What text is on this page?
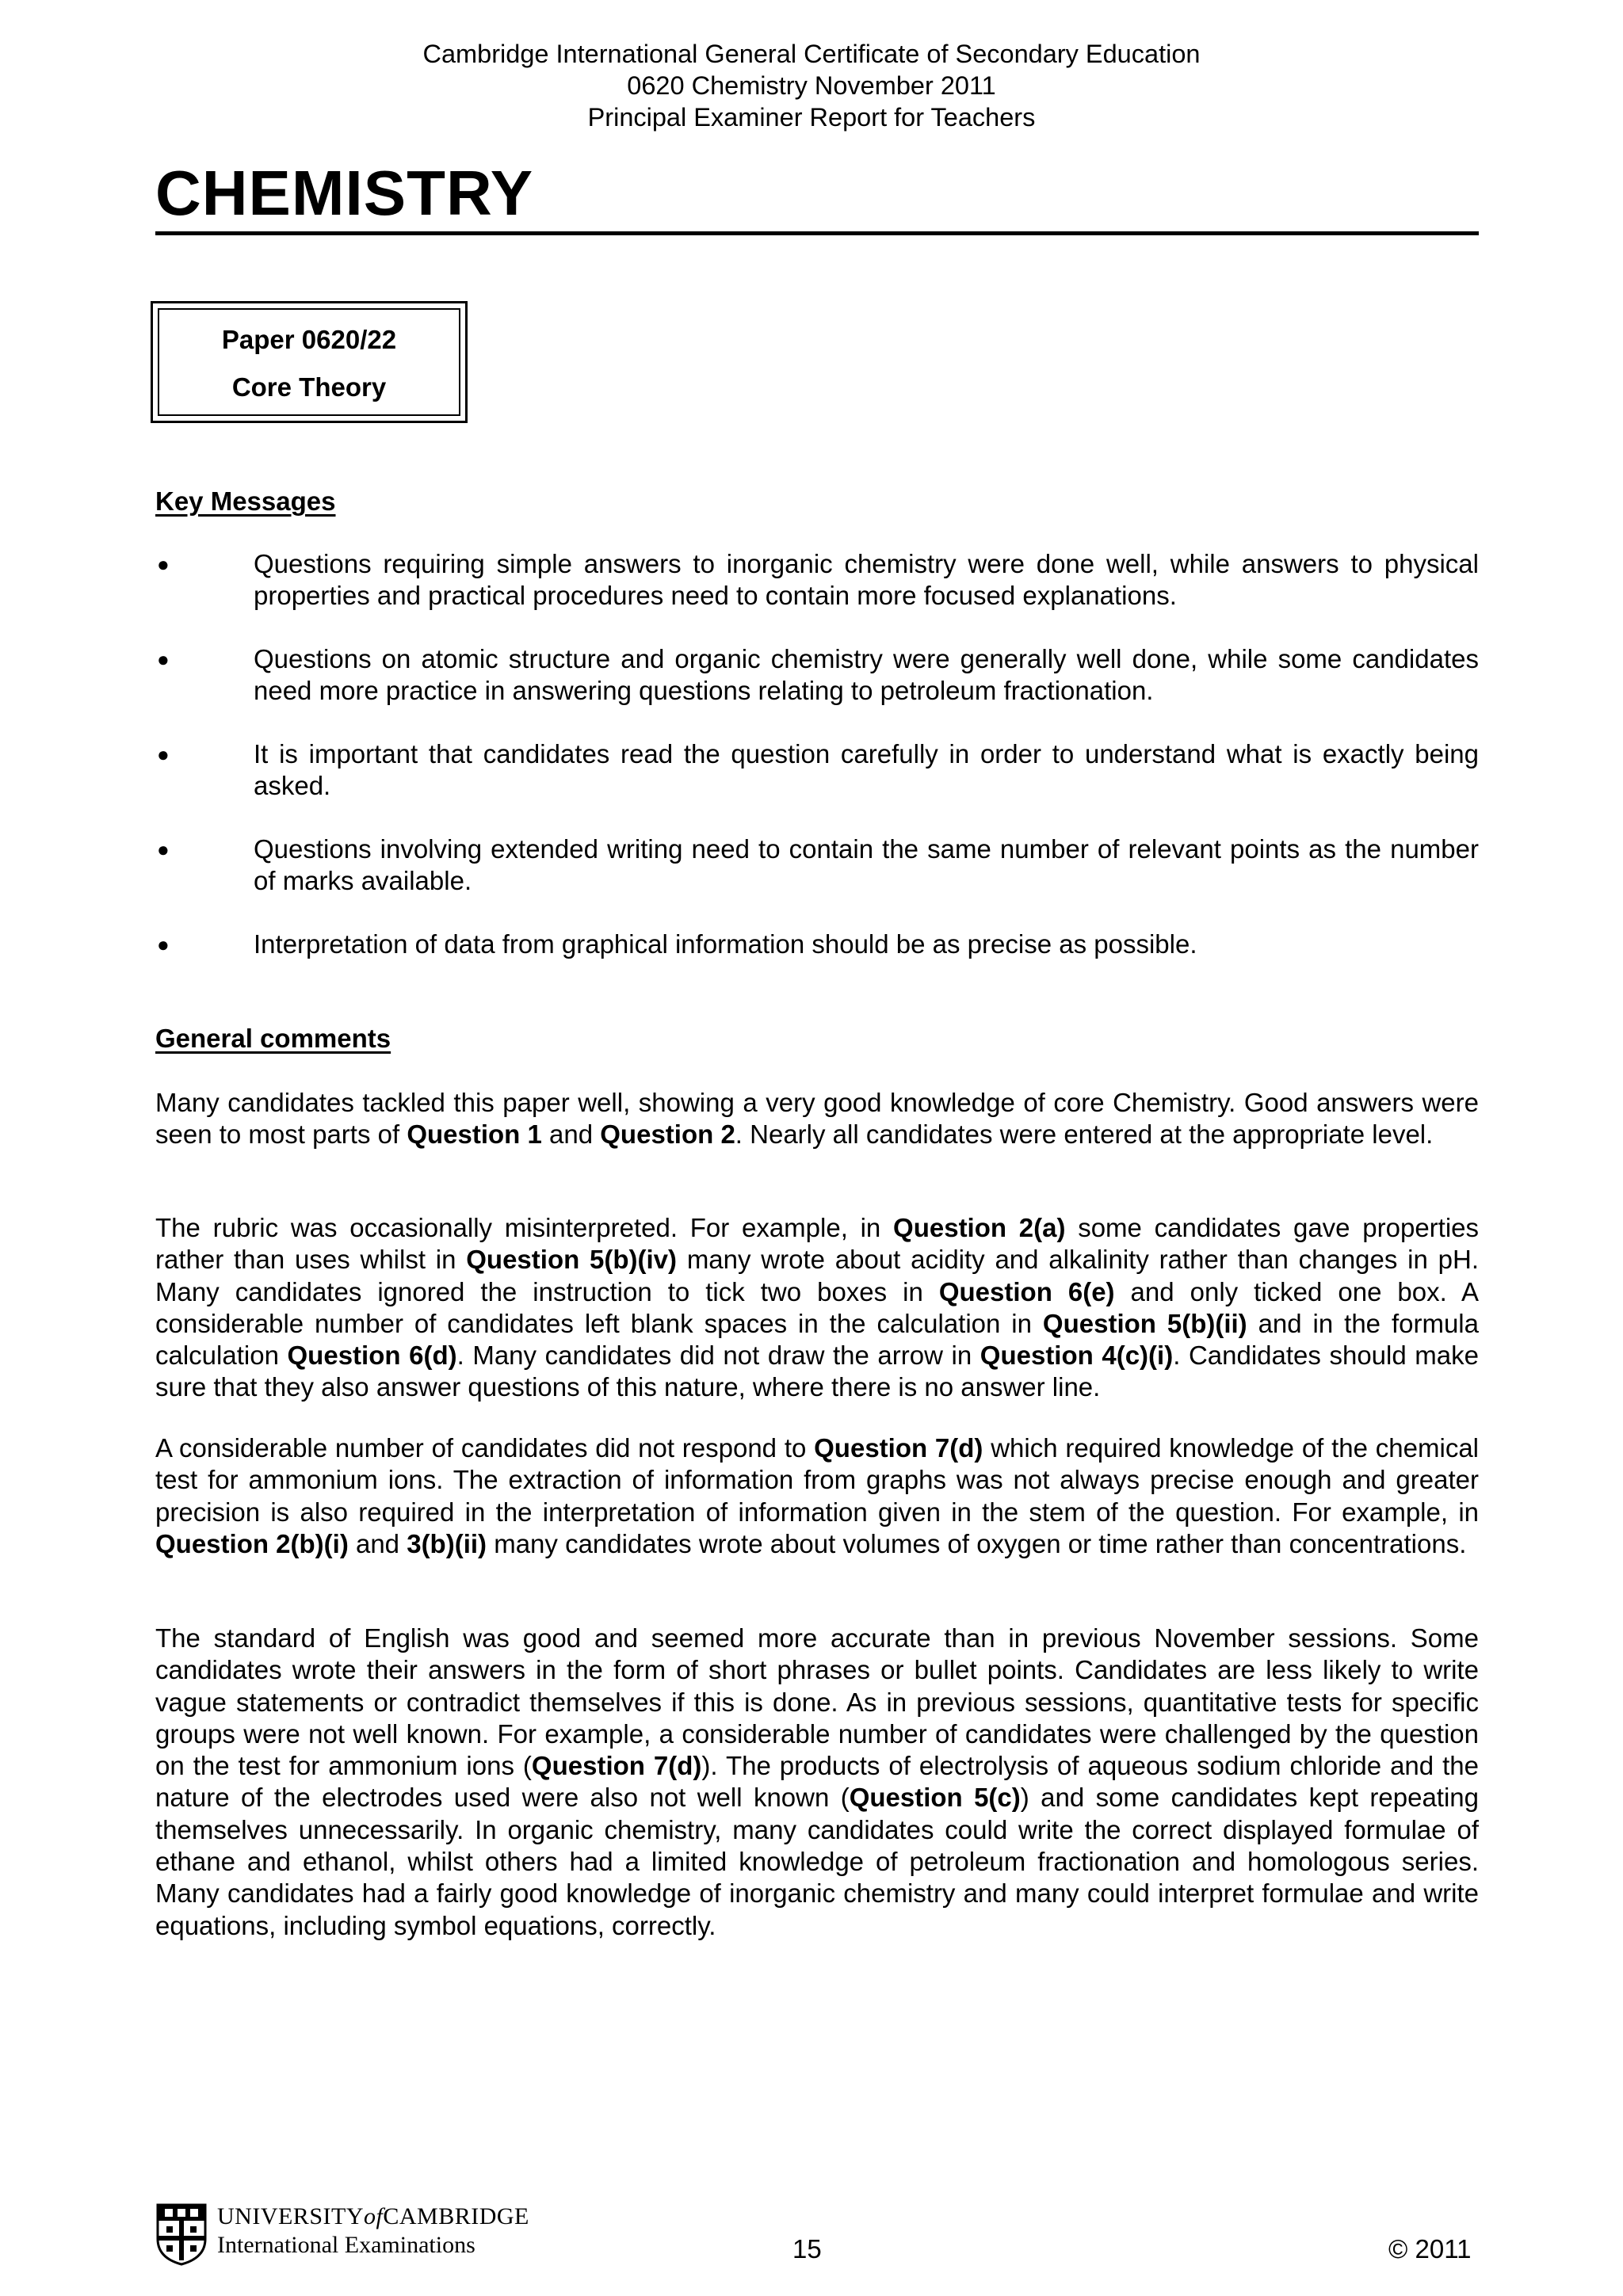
Cambridge International General Certificate of Secondary Education
0620 Chemistry November 2011
Principal Examiner Report for Teachers
CHEMISTRY
Paper 0620/22
Core Theory
Key Messages
●	Questions requiring simple answers to inorganic chemistry were done well, while answers to physical properties and practical procedures need to contain more focused explanations.
●	Questions on atomic structure and organic chemistry were generally well done, while some candidates need more practice in answering questions relating to petroleum fractionation.
●	It is important that candidates read the question carefully in order to understand what is exactly being asked.
●	Questions involving extended writing need to contain the same number of relevant points as the number of marks available.
●	Interpretation of data from graphical information should be as precise as possible.
General comments
Many candidates tackled this paper well, showing a very good knowledge of core Chemistry. Good answers were seen to most parts of Question 1 and Question 2. Nearly all candidates were entered at the appropriate level.
The rubric was occasionally misinterpreted. For example, in Question 2(a) some candidates gave properties rather than uses whilst in Question 5(b)(iv) many wrote about acidity and alkalinity rather than changes in pH. Many candidates ignored the instruction to tick two boxes in Question 6(e) and only ticked one box. A considerable number of candidates left blank spaces in the calculation in Question 5(b)(ii) and in the formula calculation Question 6(d). Many candidates did not draw the arrow in Question 4(c)(i). Candidates should make sure that they also answer questions of this nature, where there is no answer line.
A considerable number of candidates did not respond to Question 7(d) which required knowledge of the chemical test for ammonium ions. The extraction of information from graphs was not always precise enough and greater precision is also required in the interpretation of information given in the stem of the question. For example, in Question 2(b)(i) and 3(b)(ii) many candidates wrote about volumes of oxygen or time rather than concentrations.
The standard of English was good and seemed more accurate than in previous November sessions. Some candidates wrote their answers in the form of short phrases or bullet points. Candidates are less likely to write vague statements or contradict themselves if this is done. As in previous sessions, quantitative tests for specific groups were not well known. For example, a considerable number of candidates were challenged by the question on the test for ammonium ions (Question 7(d)). The products of electrolysis of aqueous sodium chloride and the nature of the electrodes used were also not well known (Question 5(c)) and some candidates kept repeating themselves unnecessarily. In organic chemistry, many candidates could write the correct displayed formulae of ethane and ethanol, whilst others had a limited knowledge of petroleum fractionation and homologous series. Many candidates had a fairly good knowledge of inorganic chemistry and many could interpret formulae and write equations, including symbol equations, correctly.
UNIVERSITYofCAMBRIDGE
International Examinations	15	© 2011
